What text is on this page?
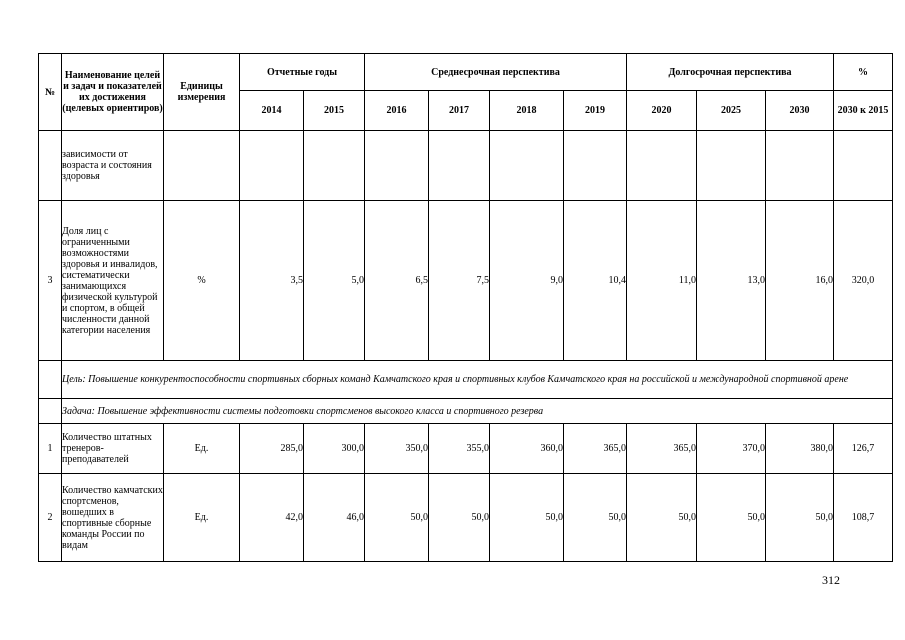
№	Наименование целей и задач и показателей их достижения (целевых ориентиров)	Единицы измерения	Отчетные годы		Среднесрочная перспектива				Долгосрочная перспектива			%
			2014	2015	2016	2017	2018	2019	2020	2025	2030	2030 к 2015
	зависимости от возраста и состояния здоровья											
3	Доля лиц с ограниченными возможностями здоровья и инвалидов, систематически занимающихся физической культурой и спортом, в общей численности данной категории населения	%	3,5	5,0	6,5	7,5	9,0	10,4	11,0	13,0	16,0	320,0
	Цель: Повышение конкурентоспособности спортивных сборных команд Камчатского края и спортивных клубов Камчатского края на российской и международной спортивной арене											
	Задача: Повышение эффективности системы подготовки спортсменов высокого класса и спортивного резерва											
1	Количество штатных тренеров-преподавателей	Ед.	285,0	300,0	350,0	355,0	360,0	365,0	365,0	370,0	380,0	126,7
2	Количество камчатских спортсменов, вошедших в спортивные сборные команды России по видам	Ед.	42,0	46,0	50,0	50,0	50,0	50,0	50,0	50,0	50,0	108,7
312
